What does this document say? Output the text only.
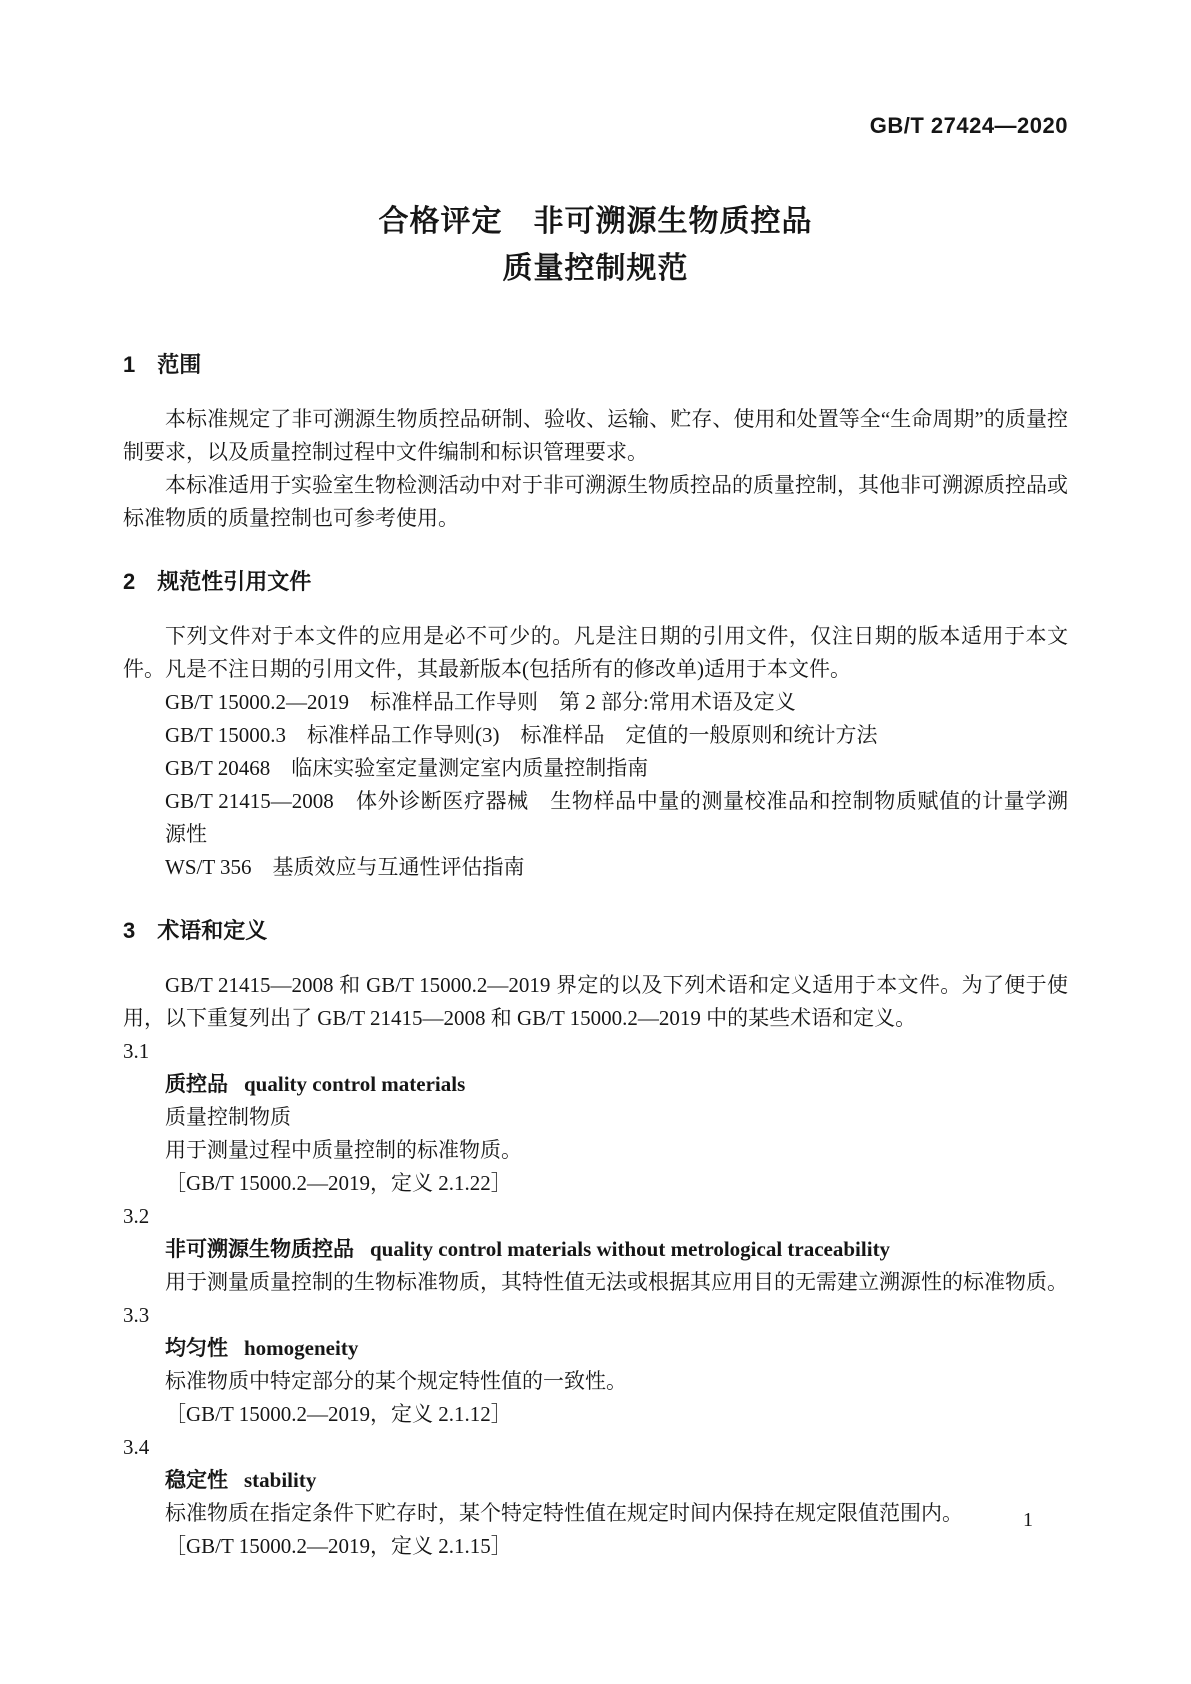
GB/T 27424—2020
合格评定　非可溯源生物质控品
质量控制规范
1 范围

本标准规定了非可溯源生物质控品研制、验收、运输、贮存、使用和处置等全“生命周期”的质量控制要求，以及质量控制过程中文件编制和标识管理要求。

本标准适用于实验室生物检测活动中对于非可溯源生物质控品的质量控制，其他非可溯源质控品或标准物质的质量控制也可参考使用。

2 规范性引用文件

下列文件对于本文件的应用是必不可少的。凡是注日期的引用文件，仅注日期的版本适用于本文件。凡是不注日期的引用文件，其最新版本(包括所有的修改单)适用于本文件。

GB/T 15000.2—2019　标准样品工作导则　第 2 部分:常用术语及定义

GB/T 15000.3　标准样品工作导则(3)　标准样品　定值的一般原则和统计方法

GB/T 20468　临床实验室定量测定室内质量控制指南

GB/T 21415—2008　体外诊断医疗器械　生物样品中量的测量校准品和控制物质赋值的计量学溯源性

WS/T 356　基质效应与互通性评估指南

3 术语和定义

GB/T 21415—2008 和 GB/T 15000.2—2019 界定的以及下列术语和定义适用于本文件。为了便于使用，以下重复列出了 GB/T 21415—2008 和 GB/T 15000.2—2019 中的某些术语和定义。

3.1

质控品 quality control materials

质量控制物质

用于测量过程中质量控制的标准物质。

［GB/T 15000.2—2019，定义 2.1.22］

3.2

非可溯源生物质控品 quality control materials without metrological traceability

用于测量质量控制的生物标准物质，其特性值无法或根据其应用目的无需建立溯源性的标准物质。

3.3

均匀性 homogeneity

标准物质中特定部分的某个规定特性值的一致性。

［GB/T 15000.2—2019，定义 2.1.12］

3.4

稳定性 stability

标准物质在指定条件下贮存时，某个特定特性值在规定时间内保持在规定限值范围内。

［GB/T 15000.2—2019，定义 2.1.15］

1
